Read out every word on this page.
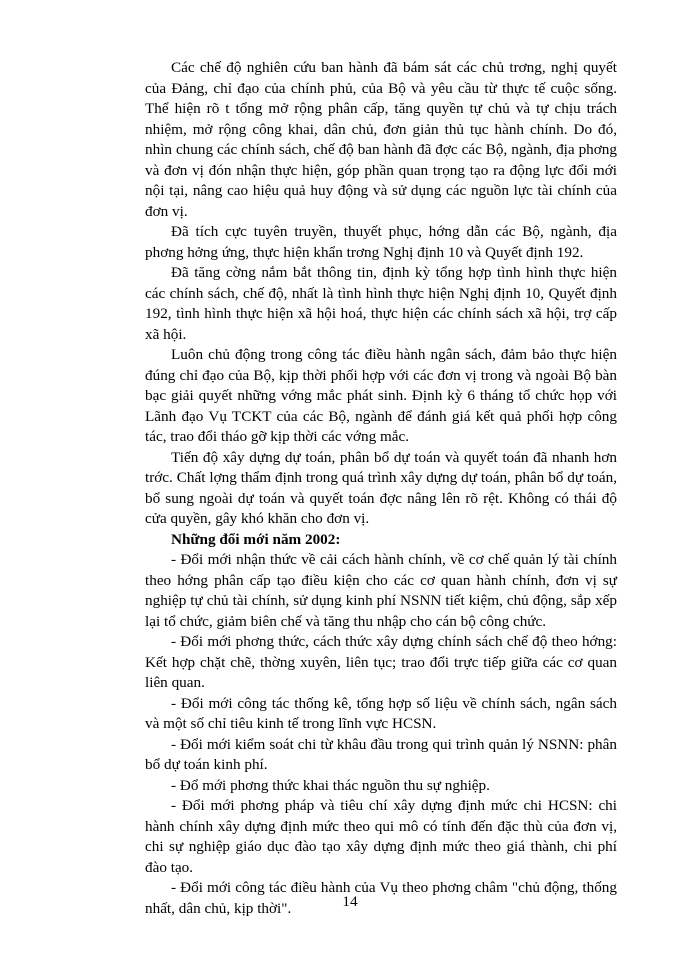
Các chế độ nghiên cứu ban hành đã bám sát các chủ trơng, nghị quyết của Đảng, chỉ đạo của chính phủ, của Bộ và yêu cầu từ thực tế cuộc sống. Thể hiện rõ t tổng mở rộng phân cấp, tăng quyền tự chủ và tự chịu trách nhiệm, mở rộng công khai, dân chủ, đơn giản thủ tục hành chính. Do đó, nhìn chung các chính sách, chế độ ban hành đã đợc các Bộ, ngành, địa phơng và đơn vị đón nhận thực hiện, góp phần quan trọng tạo ra động lực đổi mới nội tại, nâng cao hiệu quả huy động và sử dụng các nguồn lực tài chính của đơn vị.

Đã tích cực tuyên truyền, thuyết phục, hớng dẫn các Bộ, ngành, địa phơng hởng ứng, thực hiện khẩn trơng Nghị định 10 và Quyết định 192.

Đã tăng cờng nắm bắt thông tin, định kỳ tổng hợp tình hình thực hiện các chính sách, chế độ, nhất là tình hình thực hiện Nghị định 10, Quyết định 192, tình hình thực hiện xã hội hoá, thực hiện các chính sách xã hội, trợ cấp xã hội.

Luôn chủ động trong công tác điều hành ngân sách, đảm bảo thực hiện đúng chỉ đạo của Bộ, kịp thời phối hợp với các đơn vị trong và ngoài Bộ bàn bạc giải quyết những vớng mắc phát sinh. Định kỳ 6 tháng tổ chức họp với Lãnh đạo Vụ TCKT của các Bộ, ngành để đánh giá kết quả phối hợp công tác, trao đổi tháo gỡ kịp thời các vớng mắc.

Tiến độ xây dựng dự toán, phân bổ dự toán và quyết toán đã nhanh hơn trớc. Chất lợng thẩm định trong quá trình xây dựng dự toán, phân bổ dự toán, bổ sung ngoài dự toán và quyết toán đợc nâng lên rõ rệt. Không có thái độ cửa quyền, gây khó khăn cho đơn vị.

Những đổi mới năm 2002:

- Đổi mới nhận thức về cải cách hành chính, về cơ chế quản lý tài chính theo hớng phân cấp tạo điều kiện cho các cơ quan hành chính, đơn vị sự nghiệp tự chủ tài chính, sử dụng kinh phí NSNN tiết kiệm, chủ động, sắp xếp lại tổ chức, giảm biên chế và tăng thu nhập cho cán bộ công chức.

- Đổi mới phơng thức, cách thức xây dựng chính sách chế độ theo hớng: Kết hợp chặt chẽ, thờng xuyên, liên tục; trao đổi trực tiếp giữa các cơ quan liên quan.

- Đổi mới công tác thống kê, tổng hợp số liệu về chính sách, ngân sách và một số chỉ tiêu kinh tế trong lĩnh vực HCSN.

- Đổi mới kiểm soát chi từ khâu đầu trong qui trình quản lý NSNN: phân bổ dự toán kinh phí.

- Đổ mới phơng thức khai thác nguồn thu sự nghiệp.

- Đổi mới phơng pháp và tiêu chí xây dựng định mức chi HCSN: chi hành chính xây dựng định mức theo qui mô có tính đến đặc thù của đơn vị, chi sự nghiệp giáo dục đào tạo xây dựng định mức theo giá thành, chi phí đào tạo.

- Đổi mới công tác điều hành của Vụ theo phơng châm "chủ động, thống nhất, dân chủ, kịp thời".	14
